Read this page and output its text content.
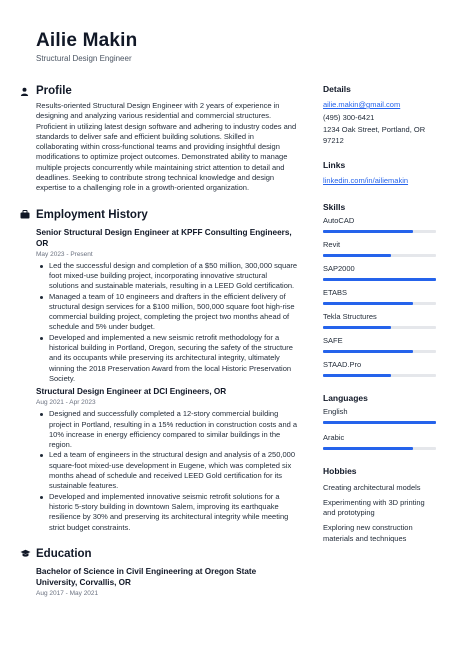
Ailie Makin
Structural Design Engineer
Profile

Results-oriented Structural Design Engineer with 2 years of experience in designing and analyzing various residential and commercial structures. Proficient in utilizing latest design software and adhering to industry codes and standards to deliver safe and efficient building solutions. Skilled in collaborating within cross-functional teams and providing insightful design modifications to optimize project outcomes. Demonstrated ability to manage multiple projects concurrently while maintaining strict attention to detail and deadlines. Seeking to contribute strong technical knowledge and design expertise to a challenging role in a growth-oriented organization.

Employment History
Senior Structural Design Engineer at KPFF Consulting Engineers, OR
May 2023 - Present
Led the successful design and completion of a $50 million, 300,000 square foot mixed-use building project, incorporating innovative structural solutions and sustainable materials, resulting in a LEED Gold certification.
Managed a team of 10 engineers and drafters in the efficient delivery of structural design services for a $100 million, 500,000 square foot high-rise commercial building project, completing the project two months ahead of schedule and 5% under budget.
Developed and implemented a new seismic retrofit methodology for a historical building in Portland, Oregon, securing the safety of the structure and its occupants while preserving its architectural integrity, ultimately winning the 2018 Preservation Award from the local Historic Preservation Society.
Structural Design Engineer at DCI Engineers, OR
Aug 2021 - Apr 2023
Designed and successfully completed a 12-story commercial building project in Portland, resulting in a 15% reduction in construction costs and a 10% increase in energy efficiency compared to similar buildings in the region.
Led a team of engineers in the structural design and analysis of a 250,000 square-foot mixed-use development in Eugene, which was completed six months ahead of schedule and received LEED Gold certification for its sustainable features.
Developed and implemented innovative seismic retrofit solutions for a historic 5-story building in downtown Salem, improving its earthquake resilience by 30% and preserving its architectural integrity while meeting strict budget constraints.
Education
Bachelor of Science in Civil Engineering at Oregon State University, Corvallis, OR
Aug 2017 - May 2021
Details
ailie.makin@gmail.com
(495) 300-6421
1234 Oak Street, Portland, OR 97212
Links
linkedin.com/in/ailiemakin
Skills
AutoCAD
Revit
SAP2000
ETABS
Tekla Structures
SAFE
STAAD.Pro
Languages
English
Arabic
Hobbies
Creating architectural models
Experimenting with 3D printing and prototyping
Exploring new construction materials and techniques
